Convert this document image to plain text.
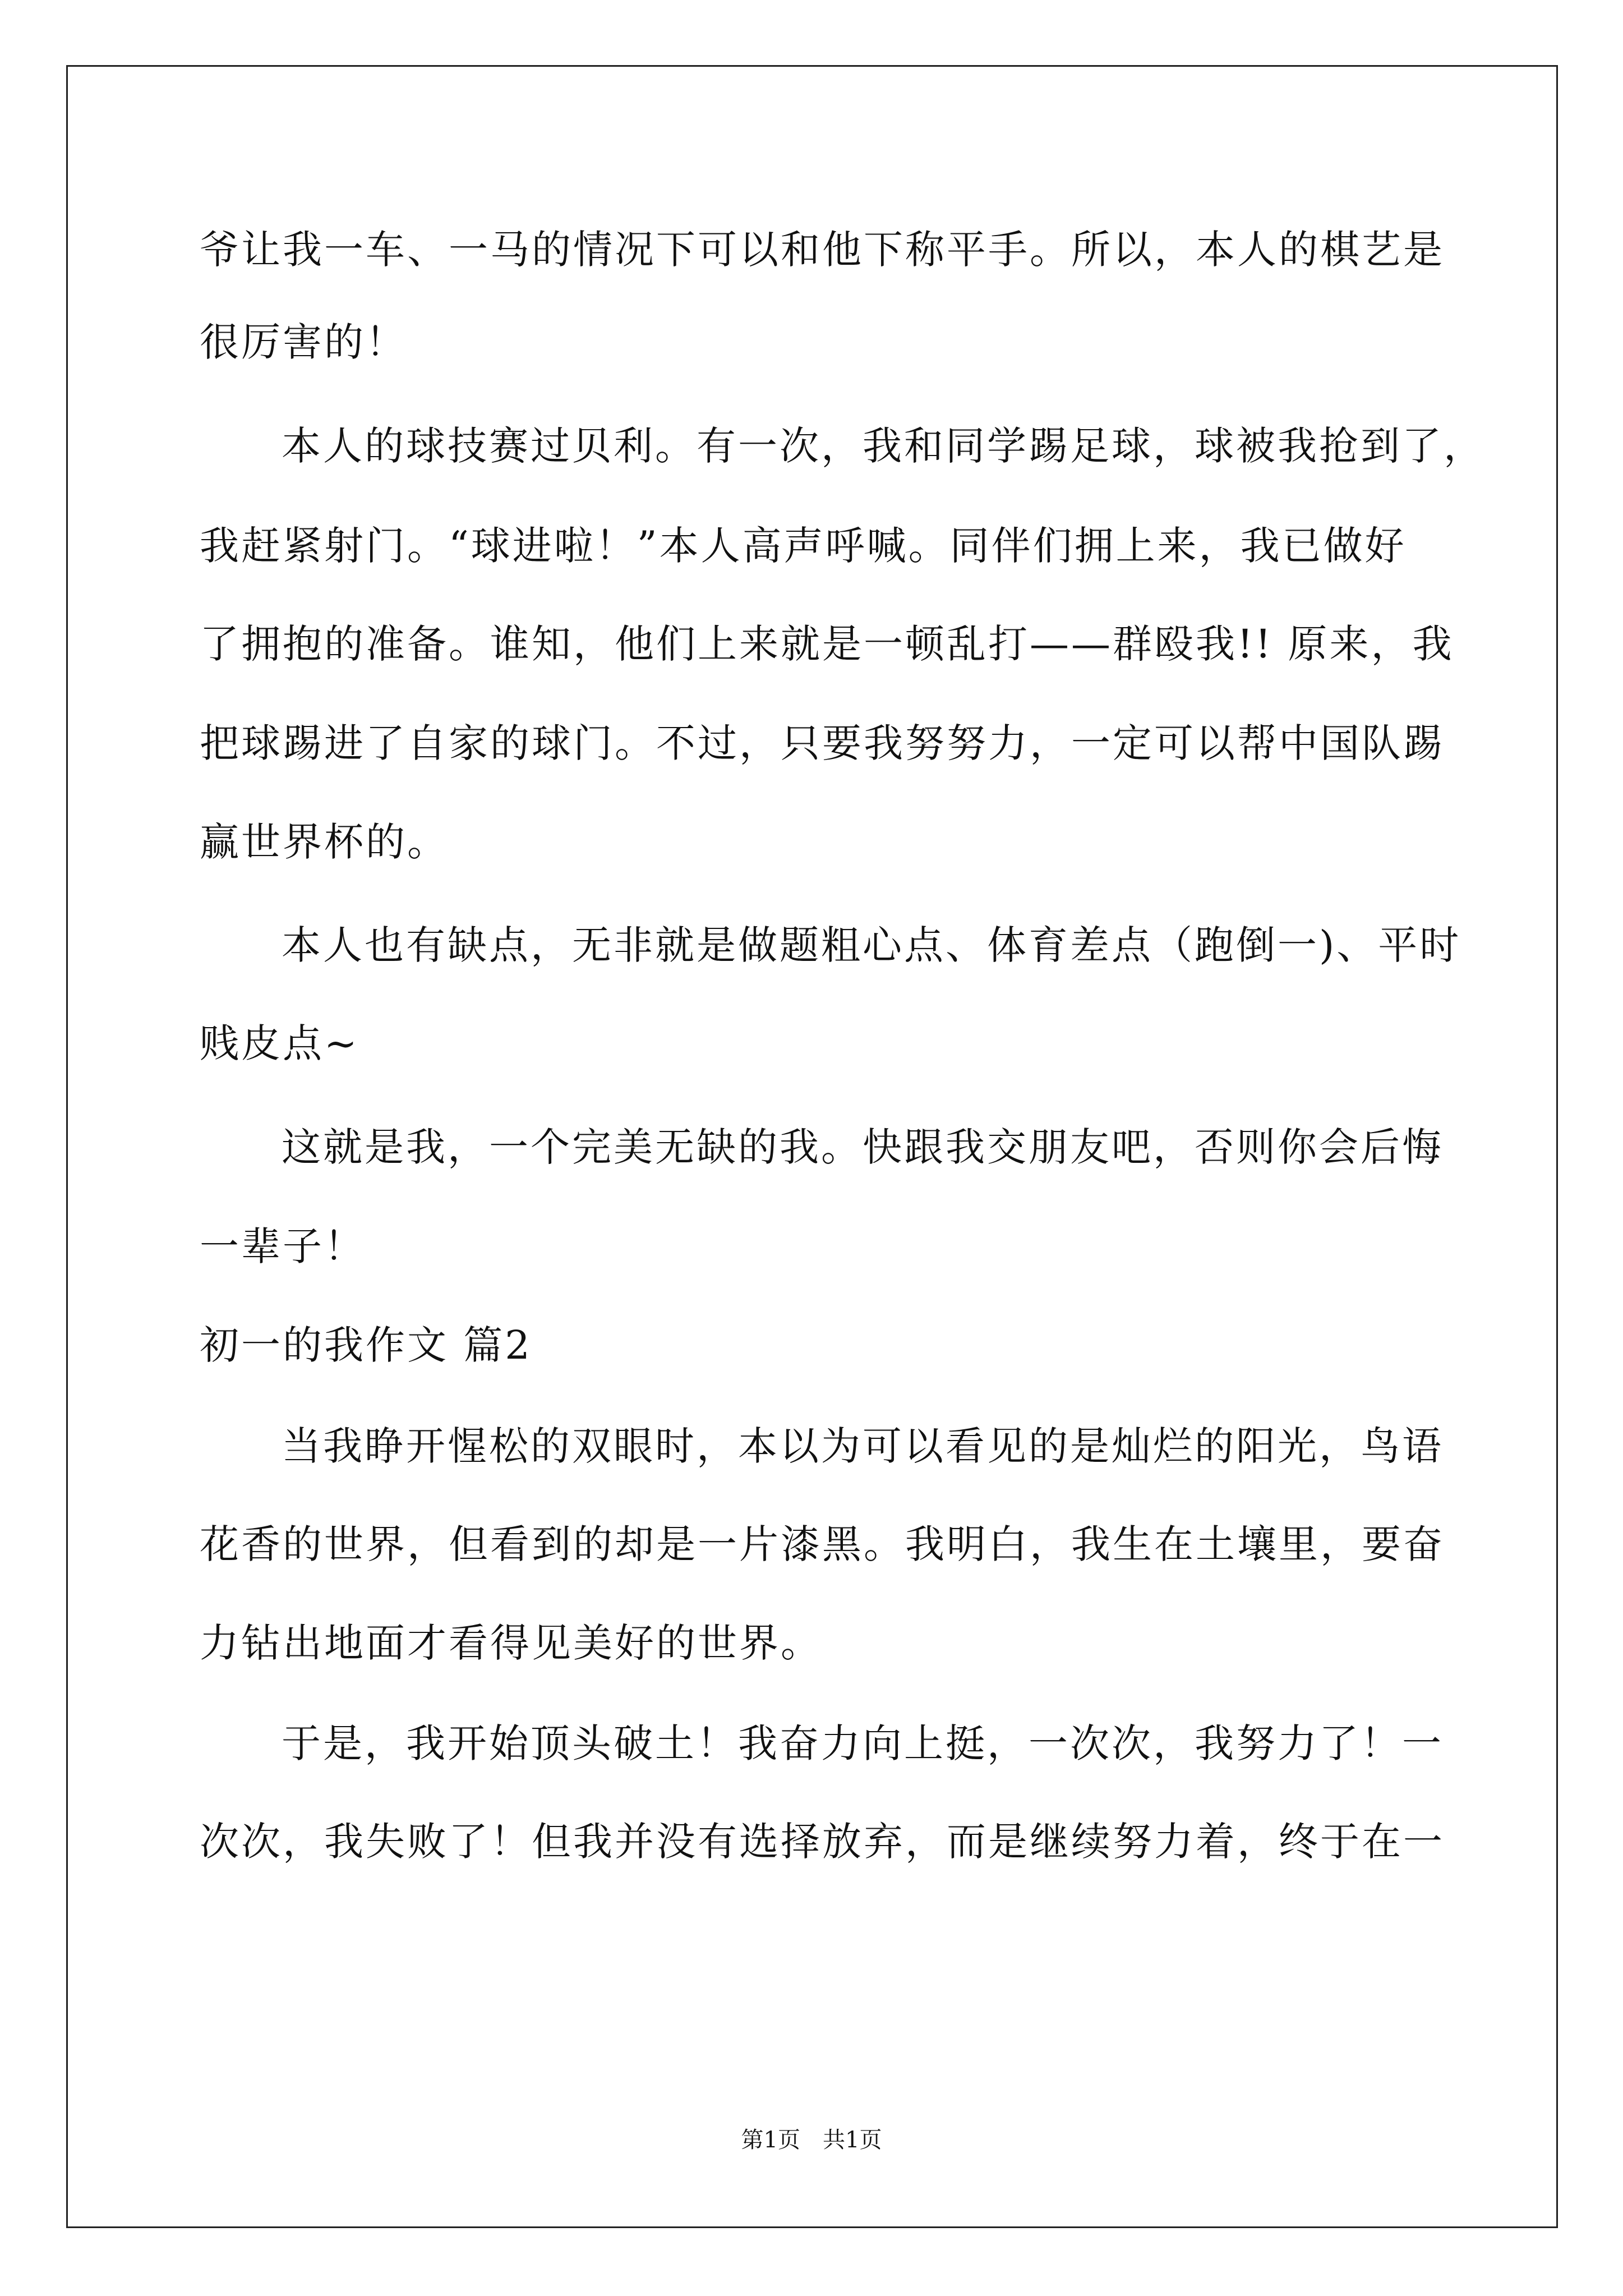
爷让我一车、一马的情况下可以和他下称平手。所以，本人的棋艺是
很厉害的！
本人的球技赛过贝利。有一次，我和同学踢足球，球被我抢到了，
我赶紧射门。“球进啦！”本人高声呼喊。同伴们拥上来，我已做好
了拥抱的准备。谁知，他们上来就是一顿乱打——群殴我!! 原来，我
把球踢进了自家的球门。不过，只要我努努力，一定可以帮中国队踢
赢世界杯的。
本人也有缺点，无非就是做题粗心点、体育差点（跑倒一)、平时
贱皮点~
这就是我，一个完美无缺的我。快跟我交朋友吧，否则你会后悔
一辈子！
初一的我作文 篇2
当我睁开惺松的双眼时，本以为可以看见的是灿烂的阳光，鸟语
花香的世界，但看到的却是一片漆黑。我明白，我生在土壤里，要奋
力钻出地面才看得见美好的世界。
于是，我开始顶头破土！我奋力向上挺，一次次，我努力了！一
次次，我失败了！但我并没有选择放弃，而是继续努力着，终于在一
第1页　共1页
